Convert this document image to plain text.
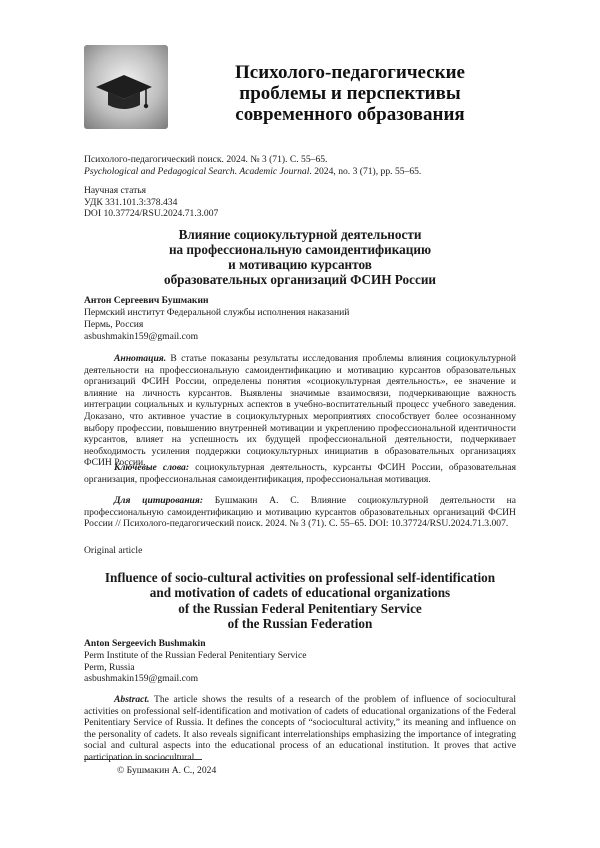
Психолого-педагогические
проблемы и перспективы
современного образования
Психолого-педагогический поиск. 2024. № 3 (71). С. 55–65.
Psychological and Pedagogical Search. Academic Journal. 2024, no. 3 (71), pp. 55–65.
Научная статья
УДК 331.101.3:378.434
DOI 10.37724/RSU.2024.71.3.007
Влияние социокультурной деятельности
на профессиональную самоидентификацию
и мотивацию курсантов
образовательных организаций ФСИН России
Антон Сергеевич Бушмакин
Пермский институт Федеральной службы исполнения наказаний
Пермь, Россия
asbushmakin159@gmail.com
Аннотация. В статье показаны результаты исследования проблемы влияния социокультурной деятельности на профессиональную самоидентификацию и мотивацию курсантов образовательных организаций ФСИН России, определены понятия «социокультурная деятельность», ее значение и влияние на личность курсантов. Выявлены значимые взаимосвязи, подчеркивающие важность интеграции социальных и культурных аспектов в учебно-воспитательный процесс учебного заведения. Доказано, что активное участие в социокультурных мероприятиях способствует более осознанному выбору профессии, повышению внутренней мотивации и укреплению профессиональной идентичности курсантов, влияет на успешность их будущей профессиональной деятельности, подчеркивает необходимость усиления поддержки социокультурных инициатив в образовательных организациях ФСИН России.
Ключевые слова: социокультурная деятельность, курсанты ФСИН России, образовательная организация, профессиональная самоидентификация, профессиональная мотивация.
Для цитирования: Бушмакин А. С. Влияние социокультурной деятельности на профессиональную самоидентификацию и мотивацию курсантов образовательных организаций ФСИН России // Психолого-педагогический поиск. 2024. № 3 (71). С. 55–65. DOI: 10.37724/RSU.2024.71.3.007.
Original article
Influence of socio-cultural activities on professional self-identification
and motivation of cadets of educational organizations
of the Russian Federal Penitentiary Service
of the Russian Federation
Anton Sergeevich Bushmakin
Perm Institute of the Russian Federal Penitentiary Service
Perm, Russia
asbushmakin159@gmail.com
Abstract. The article shows the results of a research of the problem of influence of sociocultural activities on professional self-identification and motivation of cadets of educational organizations of the Federal Penitentiary Service of Russia. It defines the concepts of “sociocultural activity,” its meaning and influence on the personality of cadets. It also reveals significant interrelationships emphasizing the importance of integrating social and cultural aspects into the educational process of an educational institution. It proves that active participation in sociocultural
© Бушмакин А. С., 2024
